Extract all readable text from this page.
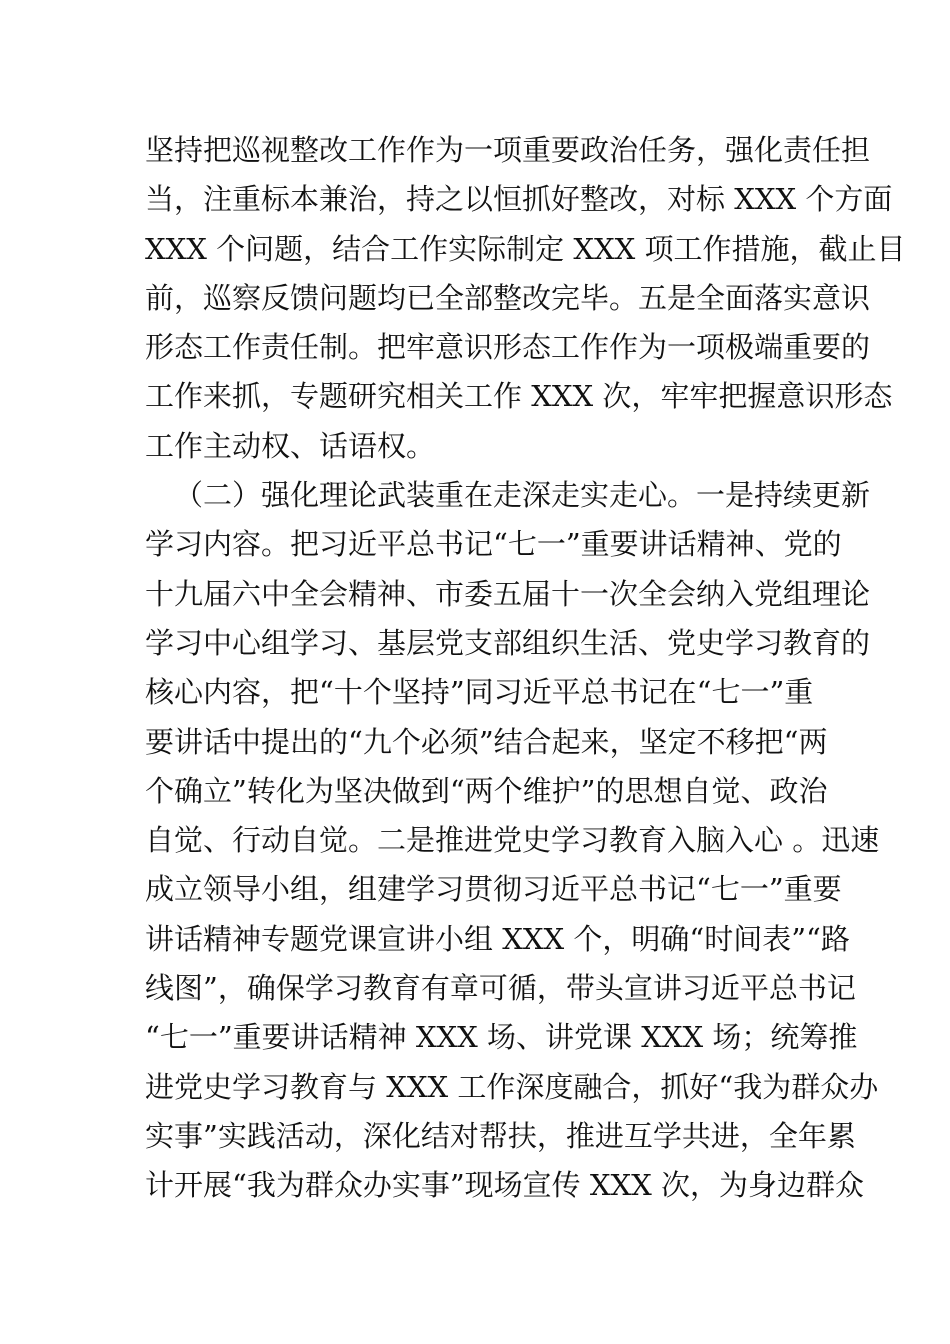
坚持把巡视整改工作作为一项重要政治任务，强化责任担
当，注重标本兼治，持之以恒抓好整改，对标 XXX 个方面
XXX 个问题，结合工作实际制定 XXX 项工作措施，截止目
前，巡察反馈问题均已全部整改完毕。五是全面落实意识
形态工作责任制。把牢意识形态工作作为一项极端重要的
工作来抓，专题研究相关工作 XXX 次，牢牢把握意识形态
工作主动权、话语权。
（二）强化理论武装重在走深走实走心。一是持续更新
学习内容。把习近平总书记“七一”重要讲话精神、党的
十九届六中全会精神、市委五届十一次全会纳入党组理论
学习中心组学习、基层党支部组织生活、党史学习教育的
核心内容，把“十个坚持”同习近平总书记在“七一”重
要讲话中提出的“九个必须”结合起来，坚定不移把“两
个确立”转化为坚决做到“两个维护”的思想自觉、政治
自觉、行动自觉。二是推进党史学习教育入脑入心 。迅速
成立领导小组，组建学习贯彻习近平总书记“七一”重要
讲话精神专题党课宣讲小组 XXX 个，明确“时间表”“路
线图”，确保学习教育有章可循，带头宣讲习近平总书记
“七一”重要讲话精神 XXX 场、讲党课 XXX 场；统筹推
进党史学习教育与 XXX 工作深度融合，抓好“我为群众办
实事”实践活动，深化结对帮扶，推进互学共进，全年累
计开展“我为群众办实事”现场宣传 XXX 次，为身边群众
